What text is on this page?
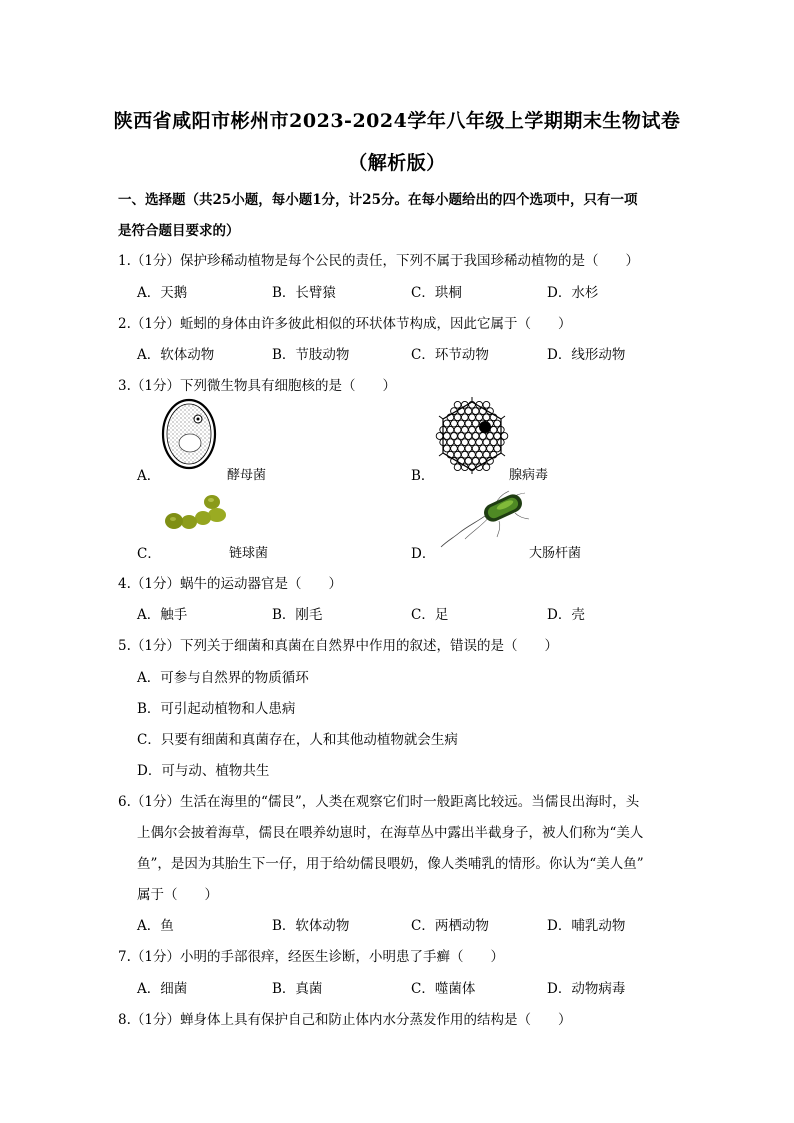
陕西省咸阳市彬州市2023-2024学年八年级上学期期末生物试卷
（解析版）
一、选择题（共25小题，每小题1分，计25分。在每小题给出的四个选项中，只有一项
是符合题目要求的）
1.（1分）保护珍稀动植物是每个公民的责任，下列不属于我国珍稀动植物的是（　　）
A．天鹅	B．长臂猿	C．珙桐	D．水杉
2.（1分）蚯蚓的身体由许多彼此相似的环状体节构成，因此它属于（　　）
A．软体动物	B．节肢动物	C．环节动物	D．线形动物
3.（1分）下列微生物具有细胞核的是（　　）
A．	酵母菌	B．	腺病毒
C．	链球菌	D．	大肠杆菌
4.（1分）蜗牛的运动器官是（　　）
A．触手	B．刚毛	C．足	D．壳
5.（1分）下列关于细菌和真菌在自然界中作用的叙述，错误的是（　　）
A．可参与自然界的物质循环
B．可引起动植物和人患病
C．只要有细菌和真菌存在，人和其他动植物就会生病
D．可与动、植物共生
6.（1分）生活在海里的“儒艮”，人类在观察它们时一般距离比较远。当儒艮出海时，头
上偶尔会披着海草，儒艮在喂养幼崽时，在海草丛中露出半截身子，被人们称为“美人
鱼”，是因为其胎生下一仔，用于给幼儒艮喂奶，像人类哺乳的情形。你认为“美人鱼”
属于（　　）
A．鱼	B．软体动物	C．两栖动物	D．哺乳动物
7.（1分）小明的手部很痒，经医生诊断，小明患了手癣（　　）
A．细菌	B．真菌	C．噬菌体	D．动物病毒
8.（1分）蝉身体上具有保护自己和防止体内水分蒸发作用的结构是（　　）
